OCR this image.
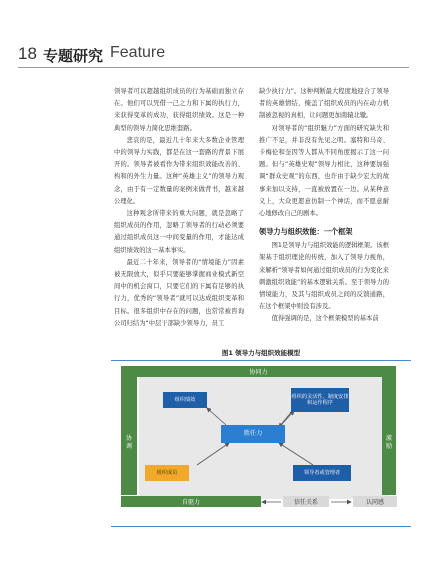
18 专题研究 Feature

领导者可以超越组织成员的行为基础而独立存在。他们可以凭借一己之力和下属的执行力，来获得变革的成功，获得组织绩效。这是一种典型的领导力简化思维套路。

悲哀的是，最近几十年来大多数企业管理中的领导力实践，都是在这一套路的背景下展开的。领导者被看作为带来组织效能改善的、构和的外生力量。这种“英雄主义”的领导力观念，由于有一定数量的案例来做背书，越来越公理化。

这种观念所带来的重大问题，就是忽略了组织成员的作用，忽略了领导者的行动必须要通过组织成员这一中间变量的作用，才能达成组织绩效的这一基本事实。

最近二十年来，领导者的“情境能力”因素被无限放大，似乎只要能够掌握商业模式新空间中的机会窗口，只要它们的下属有足够的执行力，优秀的“领导者”就可以达成组织变革和目标。很多组织中存在的问题，也常常被咨询公司归结为“中层干部缺少领导力，员工

缺少执行力”。这种判断最大程度地迎合了领导者的英雄情结，掩盖了组织成员的内在动力机制被忽视的真相，让问题更加南辕北辙。

对领导者的“组织魅力”方面的研究缺失和推广不足，并非没有先见之明。塞特和马奇、卡梅伦和奎因等人都从不同角度揭示了这一问题。但与“英雄史观”领导力相比，这种要加强调“群众史观”的东西，也许由于缺少宏大的故事来加以支持，一直被放置在一边。从某种意义上，大众更愿意仿制一个神话，而不愿意耐心地修改自己的剧本。

领导力与组织效能：一个框架

图1是领导力与组织效能的逻辑框架。该框架基于组织理论的传统，加入了领导力视角，来解析“领导者如何通过组织成员的行为变化来刺激组织效能”的基本逻辑关系。至于领导力的情境能力，及其与组织成员之间的反馈通路，在这个框架中则没有涉及。

值得强调的是，这个框架模型的基本前

图1 领导力与组织效能模型
协同力
协调
激励
组织绩效
组织的灵活性、制度安排和运作程序
胜任力
组织成员	领导者或管理者
自驱力	信任关系	认同感
